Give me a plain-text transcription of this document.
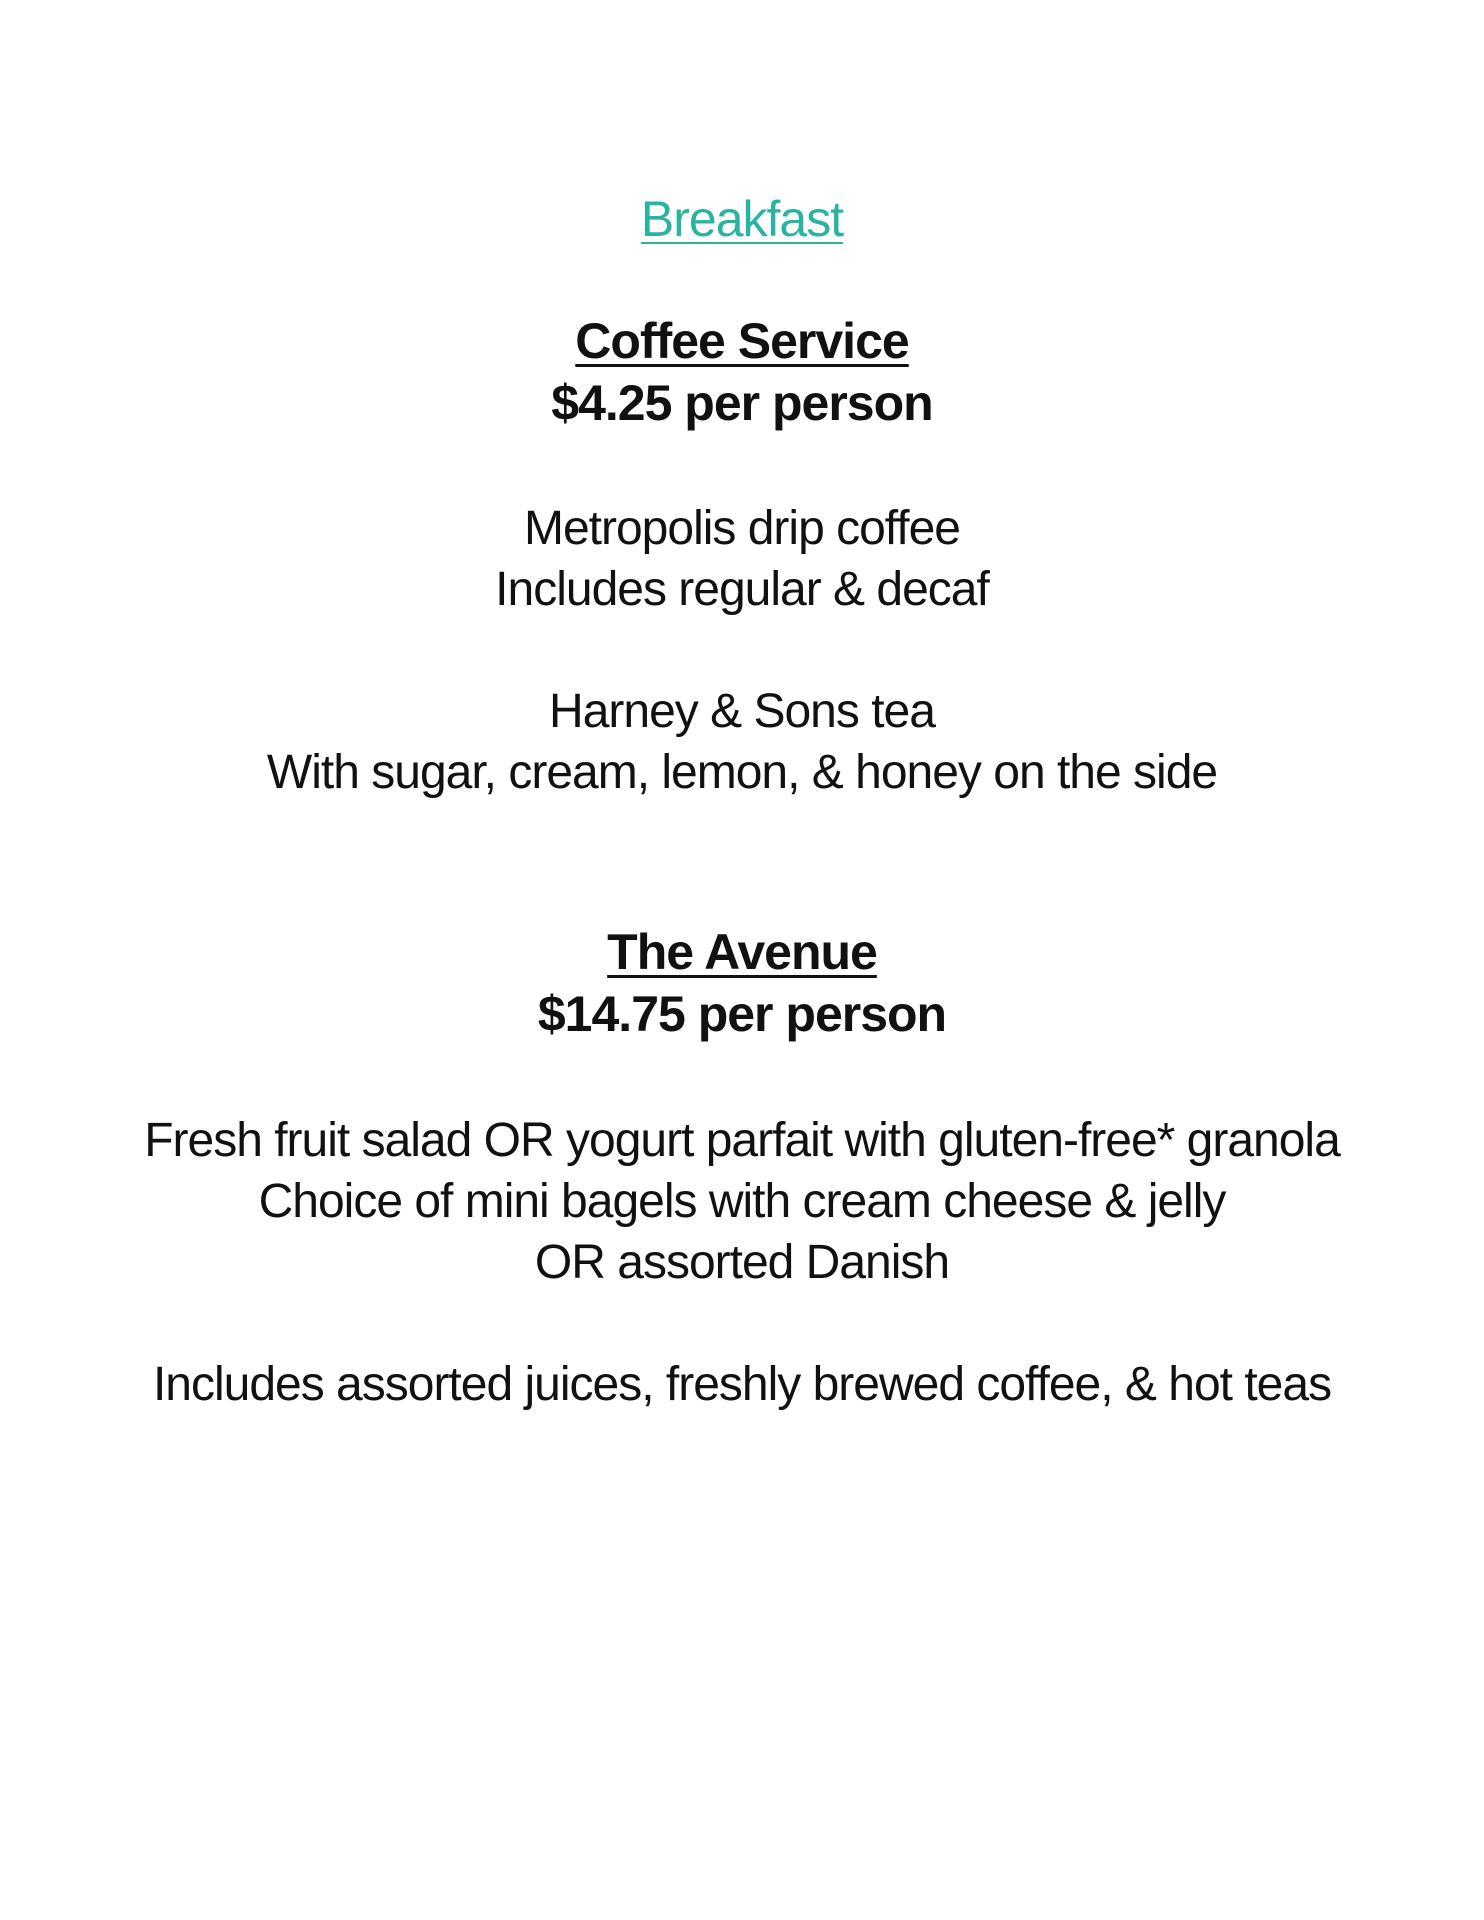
Breakfast
Coffee Service
$4.25 per person
Metropolis drip coffee
Includes regular & decaf
Harney & Sons tea
With sugar, cream, lemon, & honey on the side
The Avenue
$14.75 per person
Fresh fruit salad OR yogurt parfait with gluten-free* granola
Choice of mini bagels with cream cheese & jelly
OR assorted Danish
Includes assorted juices, freshly brewed coffee, & hot teas
